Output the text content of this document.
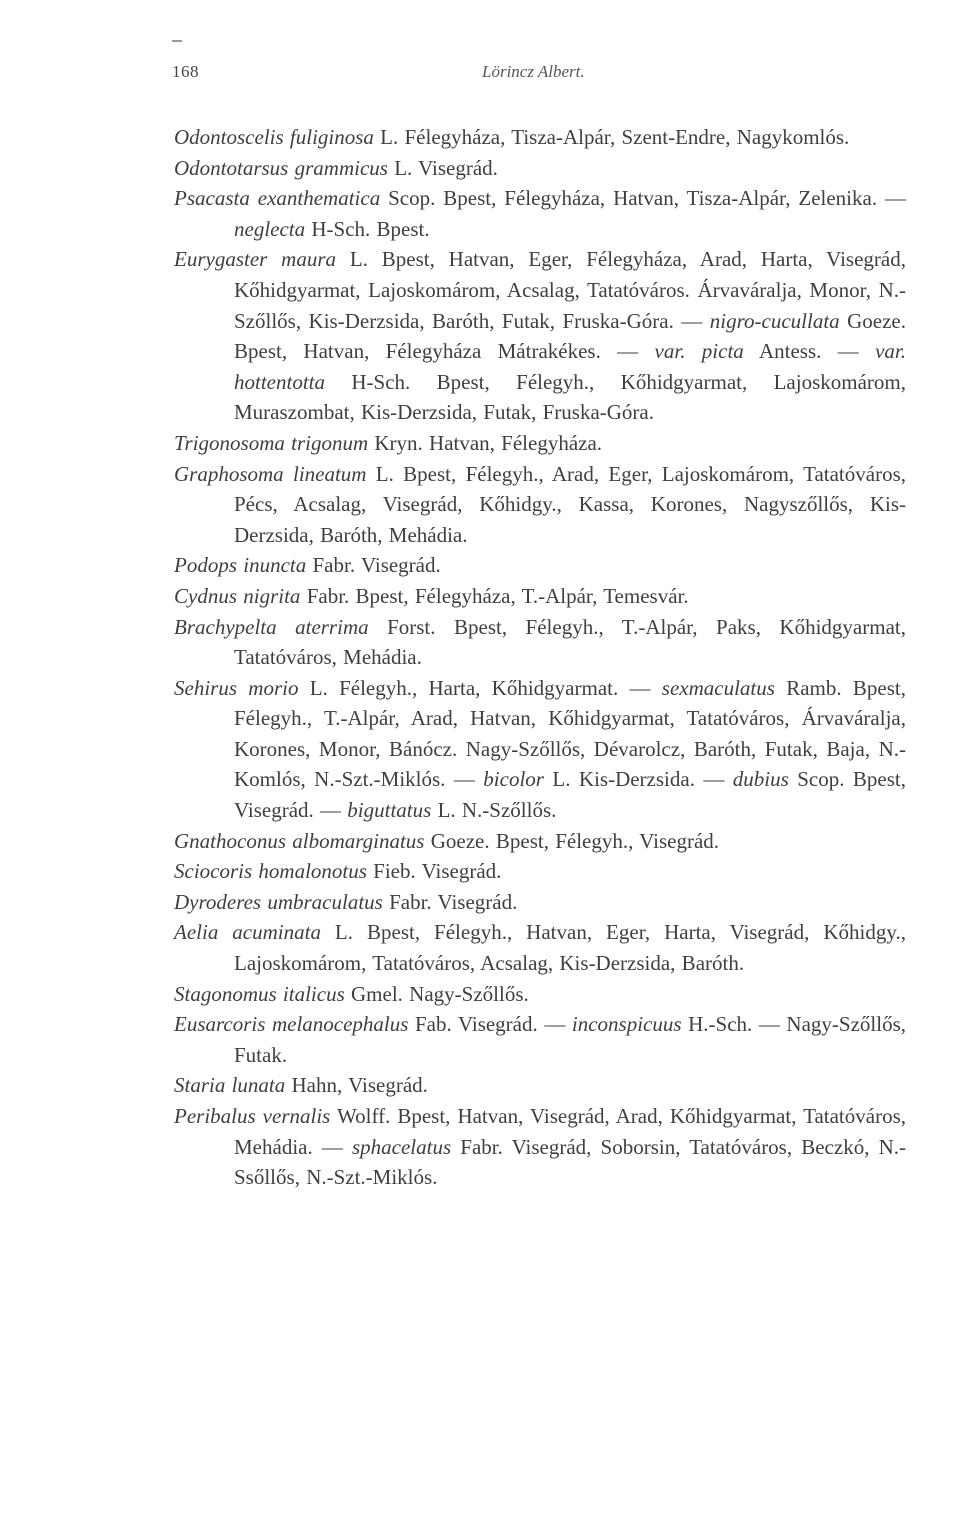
168	Lörincz Albert.

Odontoscelis fuliginosa L. Félegyháza, Tisza-Alpár, Szent-Endre, Nagykomlós.

Odontotarsus grammicus L. Visegrád.

Psacasta exanthematica Scop. Bpest, Félegyháza, Hatvan, Tisza-Alpár, Zelenika. — neglecta H-Sch. Bpest.

Eurygaster maura L. Bpest, Hatvan, Eger, Félegyháza, Arad, Harta, Visegrád, Kőhidgyarmat, Lajoskomárom, Acsalag, Tatatóváros. Árvaváralja, Monor, N.-Szőllős, Kis-Derzsida, Baróth, Futak, Fruska-Góra. — nigro-cucullata Goeze. Bpest, Hatvan, Félegyháza Mátrakékes. — var. picta Antess. — var. hottentotta H-Sch. Bpest, Félegyh., Kőhidgyarmat, Lajoskomárom, Muraszombat, Kis-Derzsida, Futak, Fruska-Góra.

Trigonosoma trigonum Kryn. Hatvan, Félegyháza.

Graphosoma lineatum L. Bpest, Félegyh., Arad, Eger, Lajoskomárom, Tatatóváros, Pécs, Acsalag, Visegrád, Kőhidgy., Kassa, Korones, Nagyszőllős, Kis-Derzsida, Baróth, Mehádia.

Podops inuncta Fabr. Visegrád.

Cydnus nigrita Fabr. Bpest, Félegyháza, T.-Alpár, Temesvár.

Brachypelta aterrima Forst. Bpest, Félegyh., T.-Alpár, Paks, Kőhidgyarmat, Tatatóváros, Mehádia.

Sehirus morio L. Félegyh., Harta, Kőhidgyarmat. — sexmaculatus Ramb. Bpest, Félegyh., T.-Alpár, Arad, Hatvan, Kőhidgyarmat, Tatatóváros, Árvaváralja, Korones, Monor, Bánócz. Nagy-Szőllős, Dévarolcz, Baróth, Futak, Baja, N.-Komlós, N.-Szt.-Miklós. — bicolor L. Kis-Derzsida. — dubius Scop. Bpest, Visegrád. — biguttatus L. N.-Szőllős.

Gnathoconus albomarginatus Goeze. Bpest, Félegyh., Visegrád.

Sciocoris homalonotus Fieb. Visegrád.

Dyroderes umbraculatus Fabr. Visegrád.

Aelia acuminata L. Bpest, Félegyh., Hatvan, Eger, Harta, Visegrád, Kőhidgy., Lajoskomárom, Tatatóváros, Acsalag, Kis-Derzsida, Baróth.

Stagonomus italicus Gmel. Nagy-Szőllős.

Eusarcoris melanocephalus Fab. Visegrád. — inconspicuus H.-Sch. — Nagy-Szőllős, Futak.

Staria lunata Hahn, Visegrád.

Peribalus vernalis Wolff. Bpest, Hatvan, Visegrád, Arad, Kőhidgyarmat, Tatatóváros, Mehádia. — sphacelatus Fabr. Visegrád, Soborsin, Tatatóváros, Beczkó, N.-Ssőllős, N.-Szt.-Miklós.
